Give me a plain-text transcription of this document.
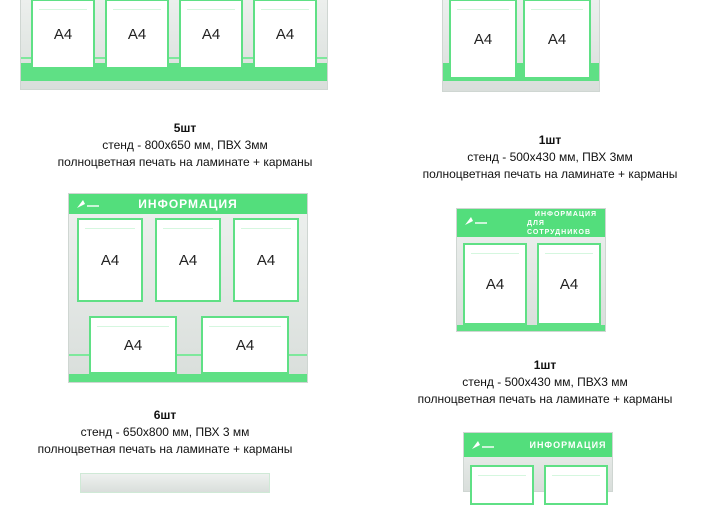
A4	A4	A4	A4
5шт
стенд - 800x650 мм, ПВХ 3мм
полноцветная печать на ламинате + карманы
A4	A4
1шт
стенд - 500x430 мм, ПВХ 3мм
полноцветная печать на ламинате + карманы
ИНФОРМАЦИЯ
A4	A4	A4
A4	A4
6шт
стенд - 650x800 мм, ПВХ 3 мм
полноцветная печать на ламинате + карманы
ИНФОРМАЦИЯ
ДЛЯ СОТРУДНИКОВ
A4	A4
1шт
стенд - 500x430 мм, ПВХ3 мм
полноцветная печать на ламинате + карманы
ИНФОРМАЦИЯ
